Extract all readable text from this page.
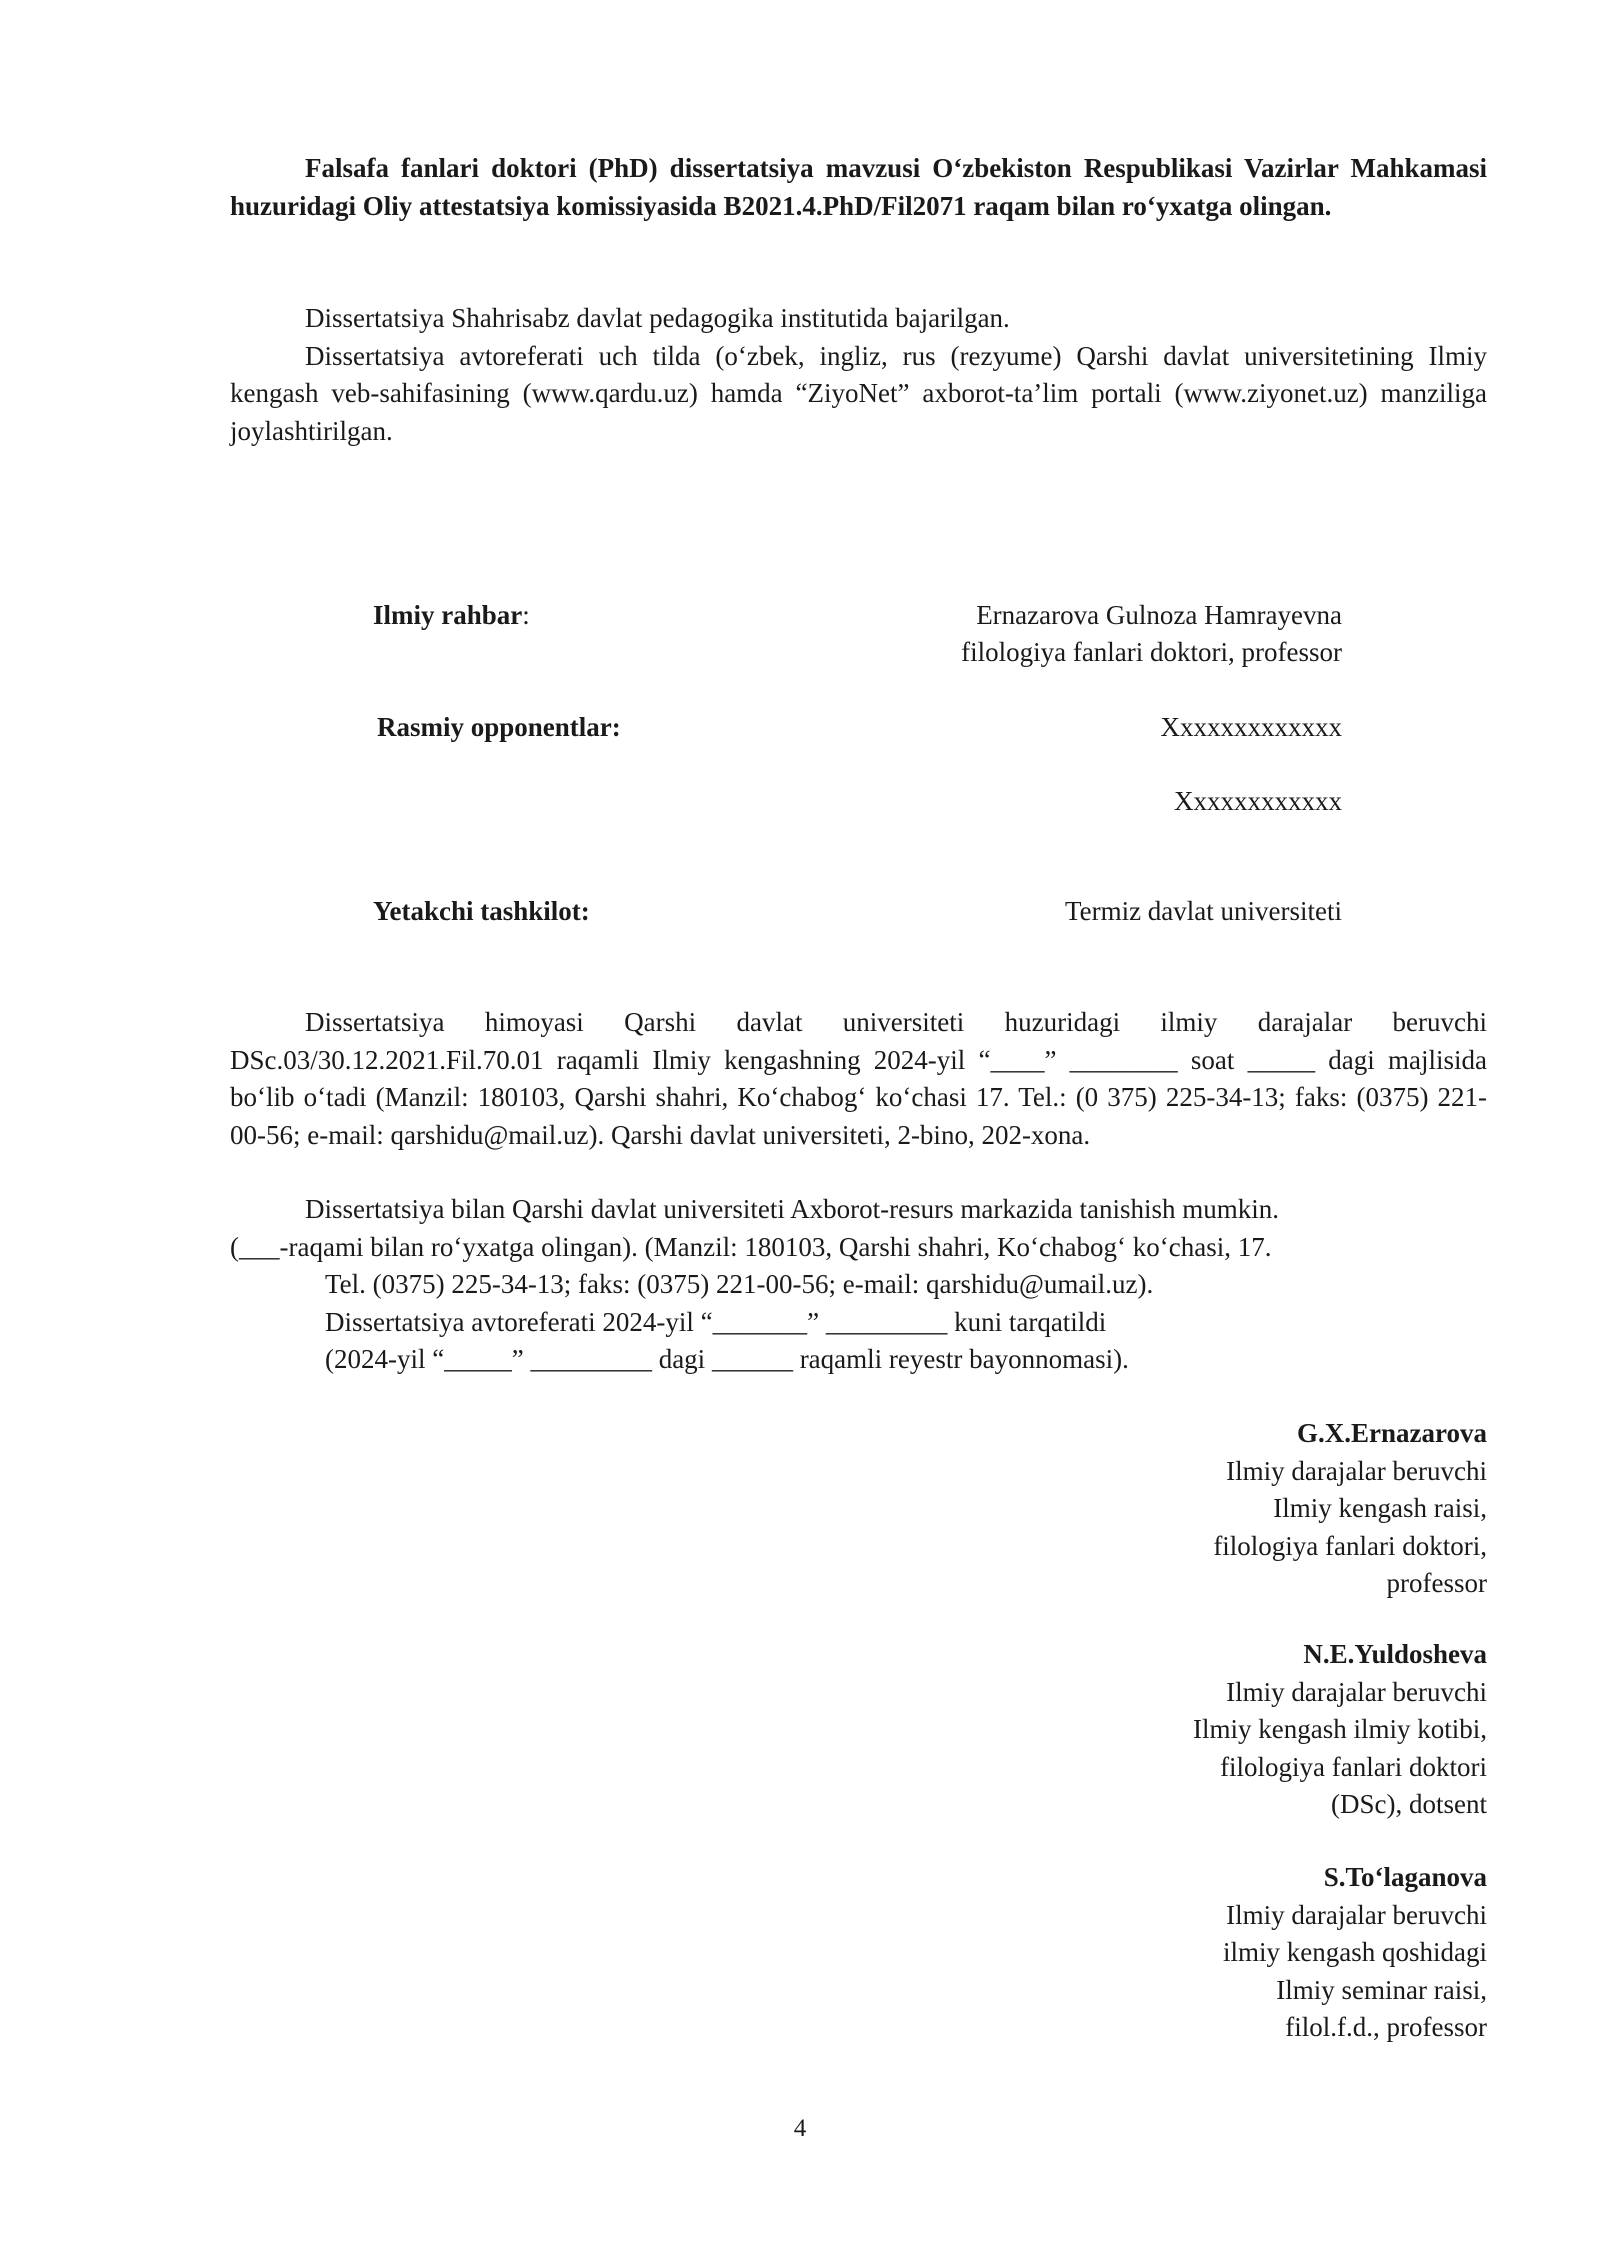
Falsafa fanlari doktori (PhD) dissertatsiya mavzusi O‘zbekiston Respublikasi Vazirlar Mahkamasi huzuridagi Oliy attestatsiya komissiyasida B2021.4.PhD/Fil2071 raqam bilan ro‘yxatga olingan.

Dissertatsiya Shahrisabz davlat pedagogika institutida bajarilgan.

Dissertatsiya avtoreferati uch tilda (o‘zbek, ingliz, rus (rezyume) Qarshi davlat universitetining Ilmiy kengash veb-sahifasining (www.qardu.uz) hamda “ZiyoNet” axborot-ta’lim portali (www.ziyonet.uz) manziliga joylashtirilgan.

Ilmiy rahbar:	Ernazarova Gulnoza Hamrayevna
filologiya fanlari doktori, professor
Rasmiy opponentlar:	Xxxxxxxxxxxxx
Xxxxxxxxxxxx
Yetakchi tashkilot:	Termiz davlat universiteti
Dissertatsiya himoyasi Qarshi davlat universiteti huzuridagi ilmiy darajalar beruvchi DSc.03/30.12.2021.Fil.70.01 raqamli Ilmiy kengashning 2024-yil “____” ________ soat _____ dagi majlisida bo‘lib o‘tadi (Manzil: 180103, Qarshi shahri, Ko‘chabog‘ ko‘chasi 17. Tel.: (0 375) 225-34-13; faks: (0375) 221-00-56; e-mail: qarshidu@mail.uz). Qarshi davlat universiteti, 2-bino, 202-xona.

Dissertatsiya bilan Qarshi davlat universiteti Axborot-resurs markazida tanishish mumkin.

(___-raqami bilan ro‘yxatga olingan). (Manzil: 180103, Qarshi shahri, Ko‘chabog‘ ko‘chasi, 17.

Tel. (0375) 225-34-13; faks: (0375) 221-00-56; e-mail: qarshidu@umail.uz).

Dissertatsiya avtoreferati 2024-yil “_______” _________ kuni tarqatildi

(2024-yil “_____” _________ dagi ______ raqamli reyestr bayonnomasi).

G.X.Ernazarova
Ilmiy darajalar beruvchi
Ilmiy kengash raisi,
filologiya fanlari doktori,
professor
N.E.Yuldosheva
Ilmiy darajalar beruvchi
Ilmiy kengash ilmiy kotibi,
filologiya fanlari doktori
(DSc), dotsent
S.To‘laganova
Ilmiy darajalar beruvchi
ilmiy kengash qoshidagi
Ilmiy seminar raisi,
filol.f.d., professor
4
